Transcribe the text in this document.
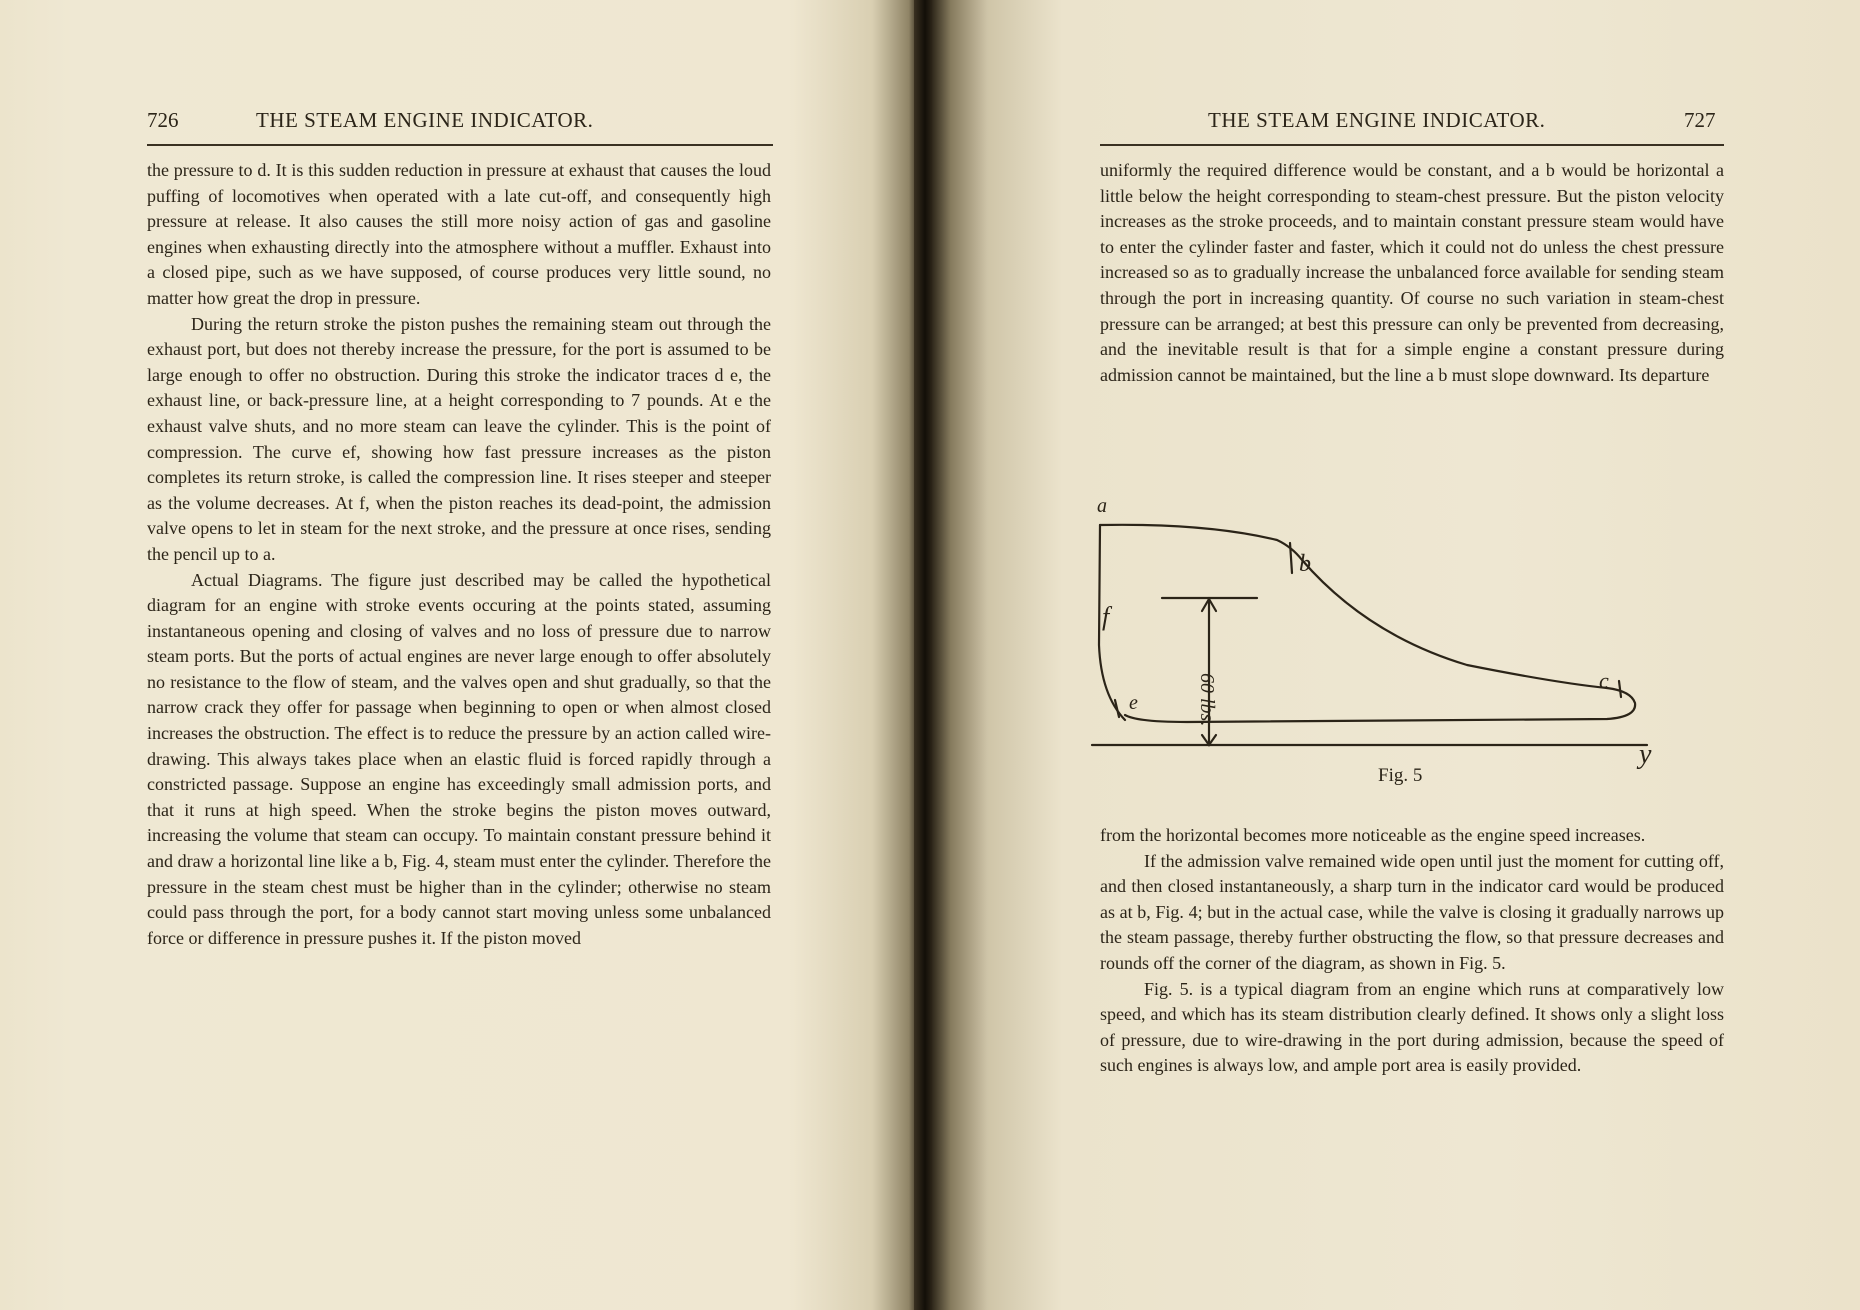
726	THE STEAM ENGINE INDICATOR.

the pressure to d. It is this sudden reduction in pressure at exhaust that causes the loud puffing of locomotives when operated with a late cut-off, and consequently high pressure at release. It also causes the still more noisy action of gas and gasoline engines when exhausting directly into the atmosphere without a muffler. Exhaust into a closed pipe, such as we have supposed, of course produces very little sound, no matter how great the drop in pressure.

During the return stroke the piston pushes the remaining steam out through the exhaust port, but does not thereby increase the pressure, for the port is assumed to be large enough to offer no obstruction. During this stroke the indicator traces d e, the exhaust line, or back-pressure line, at a height corresponding to 7 pounds. At e the exhaust valve shuts, and no more steam can leave the cylinder. This is the point of compression. The curve ef, showing how fast pressure increases as the piston completes its return stroke, is called the compression line. It rises steeper and steeper as the volume decreases. At f, when the piston reaches its dead-point, the admission valve opens to let in steam for the next stroke, and the pressure at once rises, sending the pencil up to a.

Actual Diagrams. The figure just described may be called the hypothetical diagram for an engine with stroke events occuring at the points stated, assuming instantaneous opening and closing of valves and no loss of pressure due to narrow steam ports. But the ports of actual engines are never large enough to offer absolutely no resistance to the flow of steam, and the valves open and shut gradually, so that the narrow crack they offer for passage when beginning to open or when almost closed increases the obstruction. The effect is to reduce the pressure by an action called wire-drawing. This always takes place when an elastic fluid is forced rapidly through a constricted passage. Suppose an engine has exceedingly small admission ports, and that it runs at high speed. When the stroke begins the piston moves outward, increasing the volume that steam can occupy. To maintain constant pressure behind it and draw a horizontal line like a b, Fig. 4, steam must enter the cylinder. Therefore the pressure in the steam chest must be higher than in the cylinder; otherwise no steam could pass through the port, for a body cannot start moving unless some unbalanced force or difference in pressure pushes it. If the piston moved

THE STEAM ENGINE INDICATOR.	727

uniformly the required difference would be constant, and a b would be horizontal a little below the height corresponding to steam-chest pressure. But the piston velocity increases as the stroke proceeds, and to maintain constant pressure steam would have to enter the cylinder faster and faster, which it could not do unless the chest pressure increased so as to gradually increase the unbalanced force available for sending steam through the port in increasing quantity. Of course no such variation in steam-chest pressure can be arranged; at best this pressure can only be prevented from decreasing, and the inevitable result is that for a simple engine a constant pressure during admission cannot be maintained, but the line a b must slope downward. Its departure

a
b
f
c
e
y
60 lbs.
Fig. 5

from the horizontal becomes more noticeable as the engine speed increases.

If the admission valve remained wide open until just the moment for cutting off, and then closed instantaneously, a sharp turn in the indicator card would be produced as at b, Fig. 4; but in the actual case, while the valve is closing it gradually narrows up the steam passage, thereby further obstructing the flow, so that pressure decreases and rounds off the corner of the diagram, as shown in Fig. 5.

Fig. 5. is a typical diagram from an engine which runs at comparatively low speed, and which has its steam distribution clearly defined. It shows only a slight loss of pressure, due to wire-drawing in the port during admission, because the speed of such engines is always low, and ample port area is easily provided.
